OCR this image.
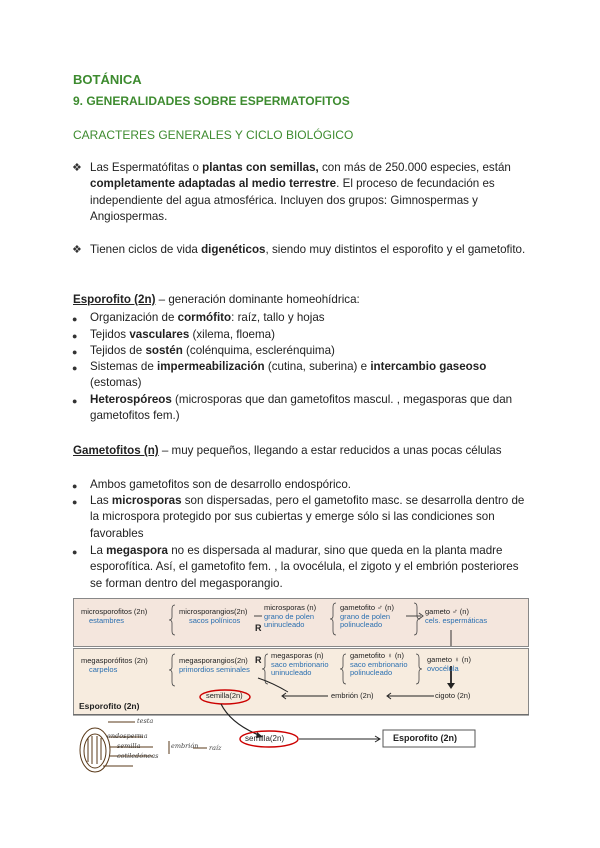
BOTÁNICA
9. GENERALIDADES SOBRE ESPERMATOFITOS
CARACTERES GENERALES Y CICLO BIOLÓGICO
❖ Las Espermatófitas o plantas con semillas, con más de 250.000 especies, están completamente adaptadas al medio terrestre. El proceso de fecundación es independiente del agua atmosférica. Incluyen dos grupos: Gimnospermas y Angiospermas.
❖ Tienen ciclos de vida digenéticos, siendo muy distintos el esporofito y el gametofito.
Esporofito (2n) – generación dominante homeohídrica:
● Organización de cormófito: raíz, tallo y hojas
● Tejidos vasculares (xilema, floema)
● Tejidos de sostén (colénquima, esclerénquima)
● Sistemas de impermeabilización (cutina, suberina) e intercambio gaseoso (estomas)
● Heterospóreos (microsporas que dan gametofitos mascul. , megasporas que dan gametofitos fem.)
Gametofitos (n) – muy pequeños, llegando a estar reducidos a unas pocas células
● Ambos gametofitos son de desarrollo endospórico.
● Las microsporas son dispersadas, pero el gametofito masc. se desarrolla dentro de la microspora protegido por sus cubiertas y emerge sólo si las condiciones son favorables
● La megaspora no es dispersada al madurar, sino que queda en la planta madre esporofítica. Así, el gametofito fem. , la ovocélula, el zigoto y el embrión posteriores se forman dentro del megasporangio.
microsporofitos (2n)
estambres
microsporangios(2n)
sacos polínicos
R
microsporas (n)
grano de polen
uninucleado
gametofito ♂ (n)
grano de polen
polinucleado
gameto ♂ (n)
cels. espermáticas
megasporófitos (2n)
carpelos
megasporangios(2n)
primordios seminales
R megasporas (n)
saco embrionario
uninucleado
gametofito ♀ (n)
saco embrionario
polinucleado
gameto ♀ (n)
ovocélula
semilla(2n)	embrión (2n)	cigoto (2n)
Esporofito (2n)
semilla(2n)	Esporofito (2n)
testa
endosperma
semilla	embrión
cotiledóneas
raíz
